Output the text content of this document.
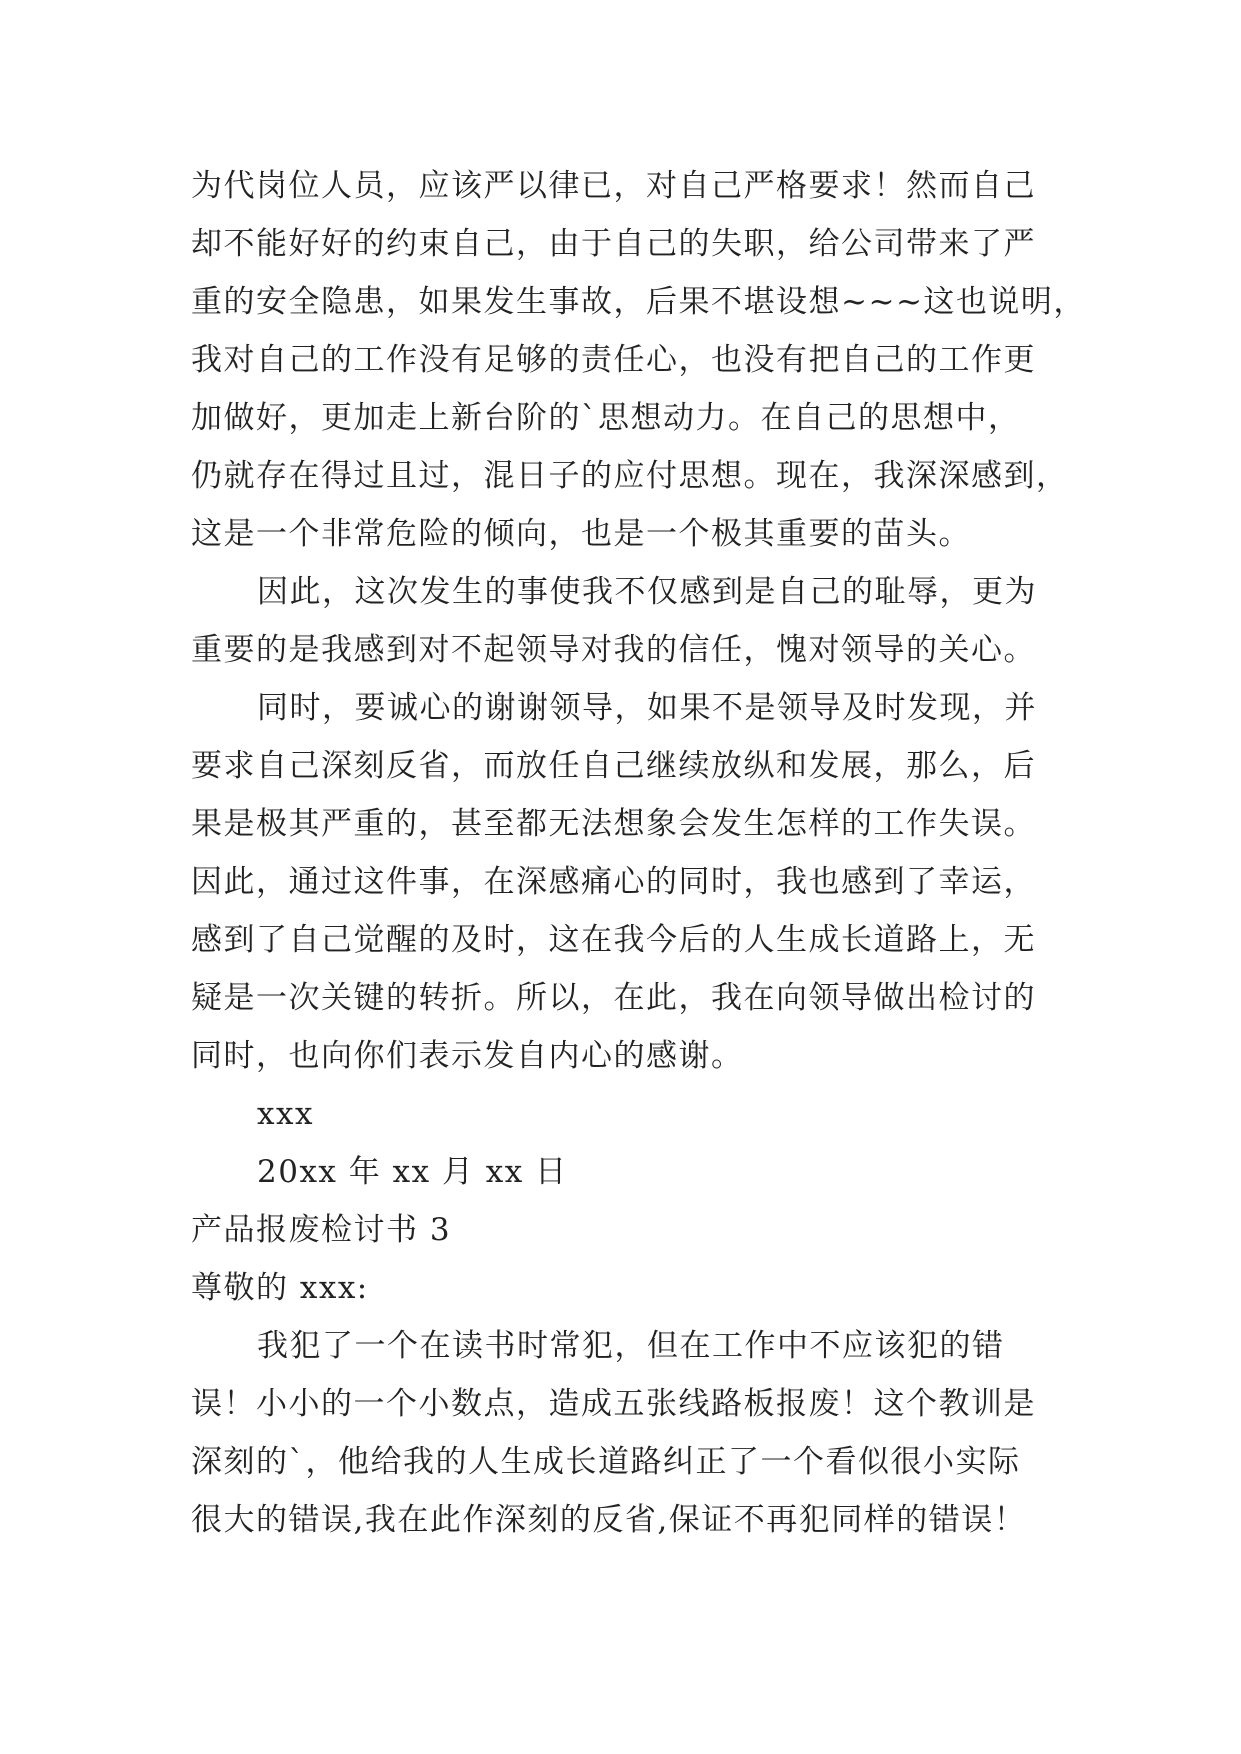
为代岗位人员，应该严以律已，对自己严格要求！然而自己
却不能好好的约束自己，由于自己的失职，给公司带来了严
重的安全隐患，如果发生事故，后果不堪设想~~~这也说明，
我对自己的工作没有足够的责任心，也没有把自己的工作更
加做好，更加走上新台阶的`思想动力。在自己的思想中，
仍就存在得过且过，混日子的应付思想。现在，我深深感到，
这是一个非常危险的倾向，也是一个极其重要的苗头。
因此，这次发生的事使我不仅感到是自己的耻辱，更为
重要的是我感到对不起领导对我的信任，愧对领导的关心。
同时，要诚心的谢谢领导，如果不是领导及时发现，并
要求自己深刻反省，而放任自己继续放纵和发展，那么，后
果是极其严重的，甚至都无法想象会发生怎样的工作失误。
因此，通过这件事，在深感痛心的同时，我也感到了幸运，
感到了自己觉醒的及时，这在我今后的人生成长道路上，无
疑是一次关键的转折。所以，在此，我在向领导做出检讨的
同时，也向你们表示发自内心的感谢。
xxx
20xx 年 xx 月 xx 日
产品报废检讨书 3
尊敬的 xxx:
我犯了一个在读书时常犯，但在工作中不应该犯的错
误！小小的一个小数点，造成五张线路板报废！这个教训是
深刻的`，他给我的人生成长道路纠正了一个看似很小实际
很大的错误,我在此作深刻的反省,保证不再犯同样的错误！
